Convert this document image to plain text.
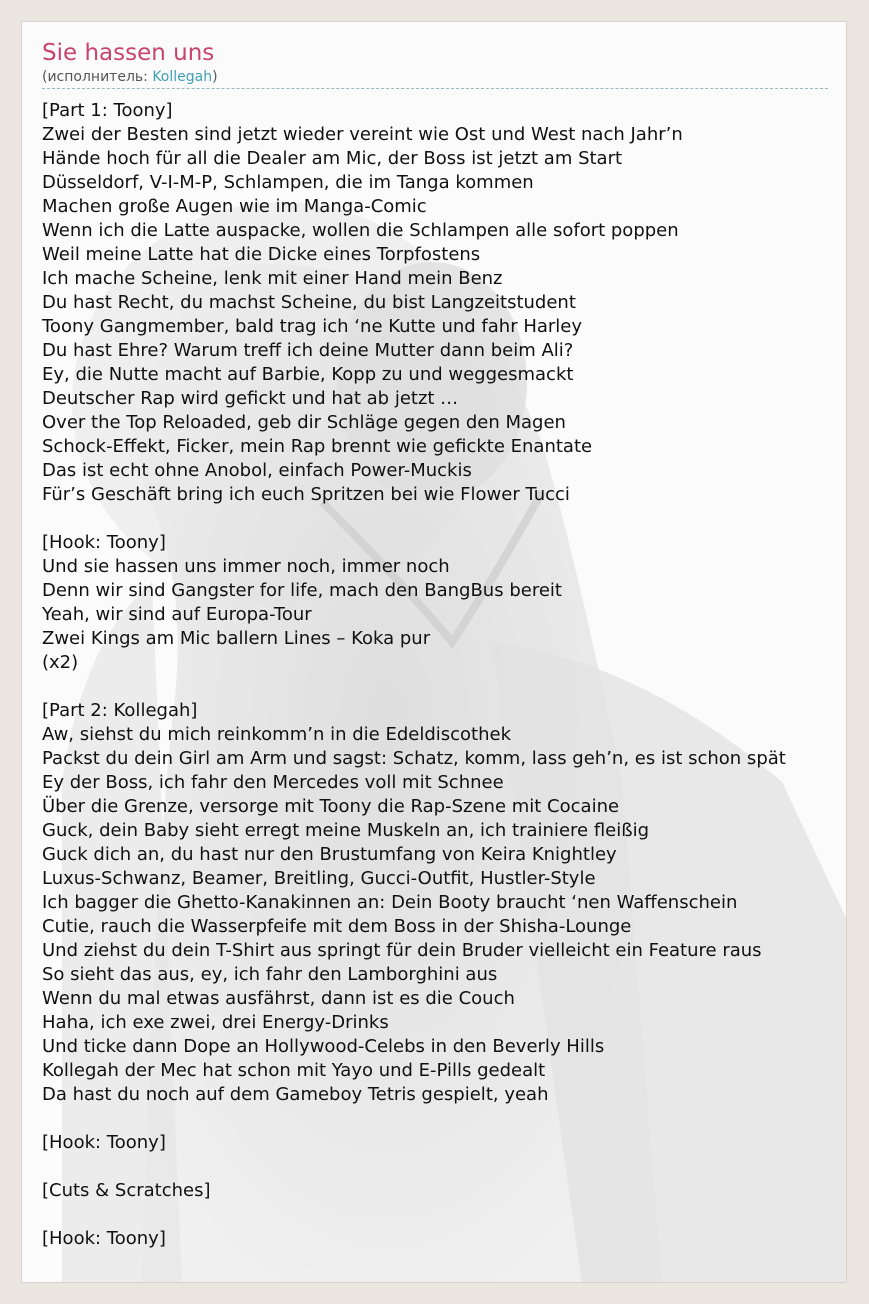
Sie hassen uns
(исполнитель: Kollegah)
[Part 1: Toony]
Zwei der Besten sind jetzt wieder vereint wie Ost und West nach Jahr’n
Hände hoch für all die Dealer am Mic, der Boss ist jetzt am Start
Düsseldorf, V-I-M-P, Schlampen, die im Tanga kommen
Machen große Augen wie im Manga-Comic
Wenn ich die Latte auspacke, wollen die Schlampen alle sofort poppen
Weil meine Latte hat die Dicke eines Torpfostens
Ich mache Scheine, lenk mit einer Hand mein Benz
Du hast Recht, du machst Scheine, du bist Langzeitstudent
Toony Gangmember, bald trag ich ‘ne Kutte und fahr Harley
Du hast Ehre? Warum treff ich deine Mutter dann beim Ali?
Ey, die Nutte macht auf Barbie, Kopp zu und weggesmackt
Deutscher Rap wird gefickt und hat ab jetzt …
Over the Top Reloaded, geb dir Schläge gegen den Magen
Schock-Effekt, Ficker, mein Rap brennt wie gefickte Enantate
Das ist echt ohne Anobol, einfach Power-Muckis
Für’s Geschäft bring ich euch Spritzen bei wie Flower Tucci
[Hook: Toony]
Und sie hassen uns immer noch, immer noch
Denn wir sind Gangster for life, mach den BangBus bereit
Yeah, wir sind auf Europa-Tour
Zwei Kings am Mic ballern Lines – Koka pur
(x2)
[Part 2: Kollegah]
Aw, siehst du mich reinkomm’n in die Edeldiscothek
Packst du dein Girl am Arm und sagst: Schatz, komm, lass geh’n, es ist schon spät
Ey der Boss, ich fahr den Mercedes voll mit Schnee
Über die Grenze, versorge mit Toony die Rap-Szene mit Cocaine
Guck, dein Baby sieht erregt meine Muskeln an, ich trainiere fleißig
Guck dich an, du hast nur den Brustumfang von Keira Knightley
Luxus-Schwanz, Beamer, Breitling, Gucci-Outfit, Hustler-Style
Ich bagger die Ghetto-Kanakinnen an: Dein Booty braucht ‘nen Waffenschein
Cutie, rauch die Wasserpfeife mit dem Boss in der Shisha-Lounge
Und ziehst du dein T-Shirt aus springt für dein Bruder vielleicht ein Feature raus
So sieht das aus, ey, ich fahr den Lamborghini aus
Wenn du mal etwas ausfährst, dann ist es die Couch
Haha, ich exe zwei, drei Energy-Drinks
Und ticke dann Dope an Hollywood-Celebs in den Beverly Hills
Kollegah der Mec hat schon mit Yayo und E-Pills gedealt
Da hast du noch auf dem Gameboy Tetris gespielt, yeah
[Hook: Toony]
[Cuts & Scratches]
[Hook: Toony]
